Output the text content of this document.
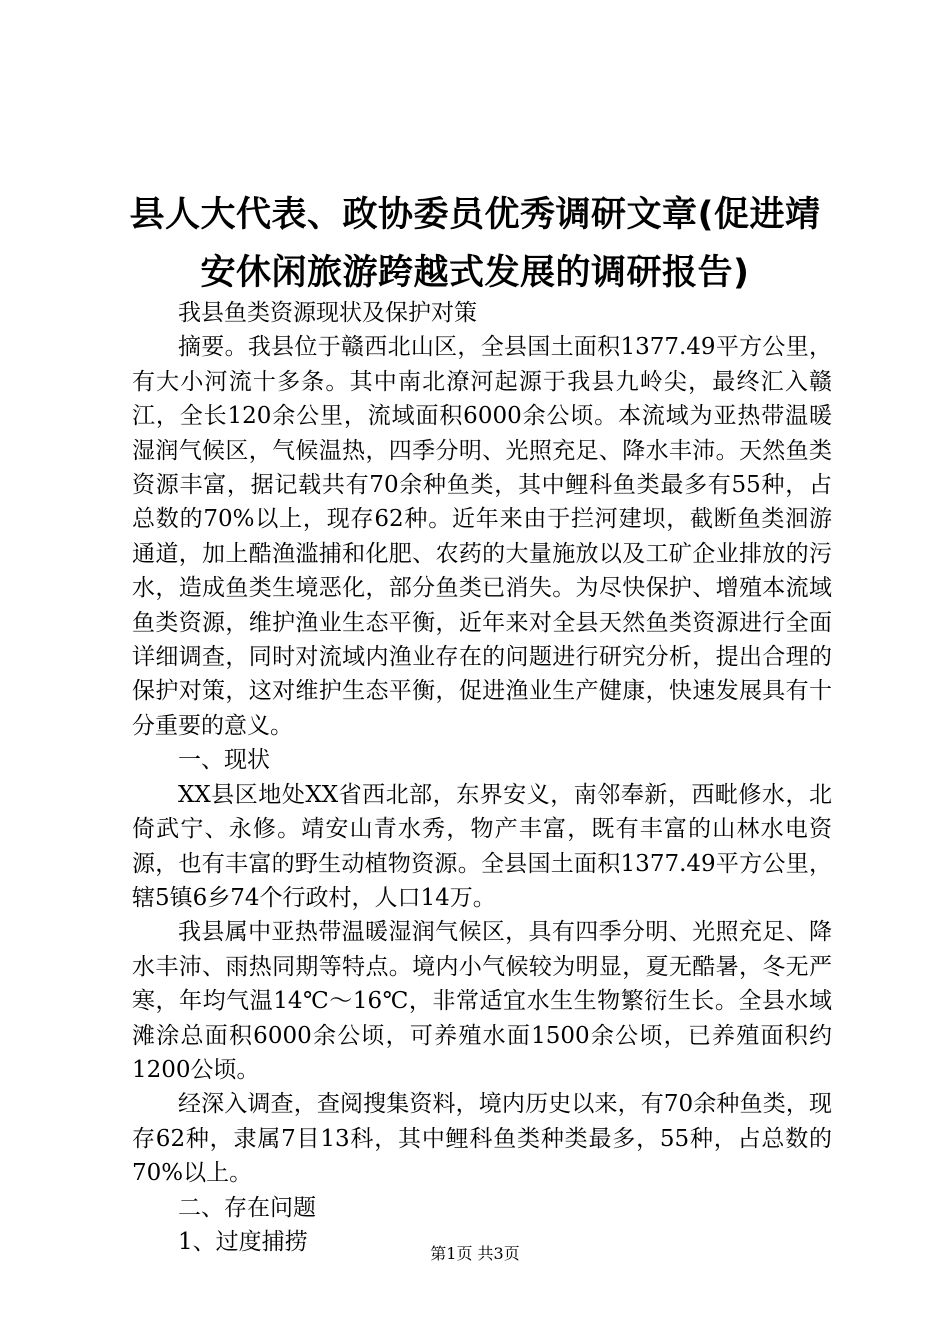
县人大代表、政协委员优秀调研文章(促进靖
安休闲旅游跨越式发展的调研报告)

我县鱼类资源现状及保护对策

摘要。我县位于赣西北山区，全县国土面积1377.49平方公里，有大小河流十多条。其中南北潦河起源于我县九岭尖，最终汇入赣江，全长120余公里，流域面积6000余公顷。本流域为亚热带温暖湿润气候区，气候温热，四季分明、光照充足、降水丰沛。天然鱼类资源丰富，据记载共有70余种鱼类，其中鲤科鱼类最多有55种，占总数的70%以上，现存62种。近年来由于拦河建坝，截断鱼类洄游通道，加上酷渔滥捕和化肥、农药的大量施放以及工矿企业排放的污水，造成鱼类生境恶化，部分鱼类已消失。为尽快保护、增殖本流域鱼类资源，维护渔业生态平衡，近年来对全县天然鱼类资源进行全面详细调查，同时对流域内渔业存在的问题进行研究分析，提出合理的保护对策，这对维护生态平衡，促进渔业生产健康，快速发展具有十分重要的意义。

一、现状

XX县区地处XX省西北部，东界安义，南邻奉新，西毗修水，北倚武宁、永修。靖安山青水秀，物产丰富，既有丰富的山林水电资源，也有丰富的野生动植物资源。全县国土面积1377.49平方公里，辖5镇6乡74个行政村，人口14万。

我县属中亚热带温暖湿润气候区，具有四季分明、光照充足、降水丰沛、雨热同期等特点。境内小气候较为明显，夏无酷暑，冬无严寒，年均气温14℃～16℃，非常适宜水生生物繁衍生长。全县水域滩涂总面积6000余公顷，可养殖水面1500余公顷，已养殖面积约1200公顷。

经深入调查，查阅搜集资料，境内历史以来，有70余种鱼类，现存62种，隶属7目13科，其中鲤科鱼类种类最多，55种，占总数的70%以上。

二、存在问题

1、过度捕捞	第1页 共3页
